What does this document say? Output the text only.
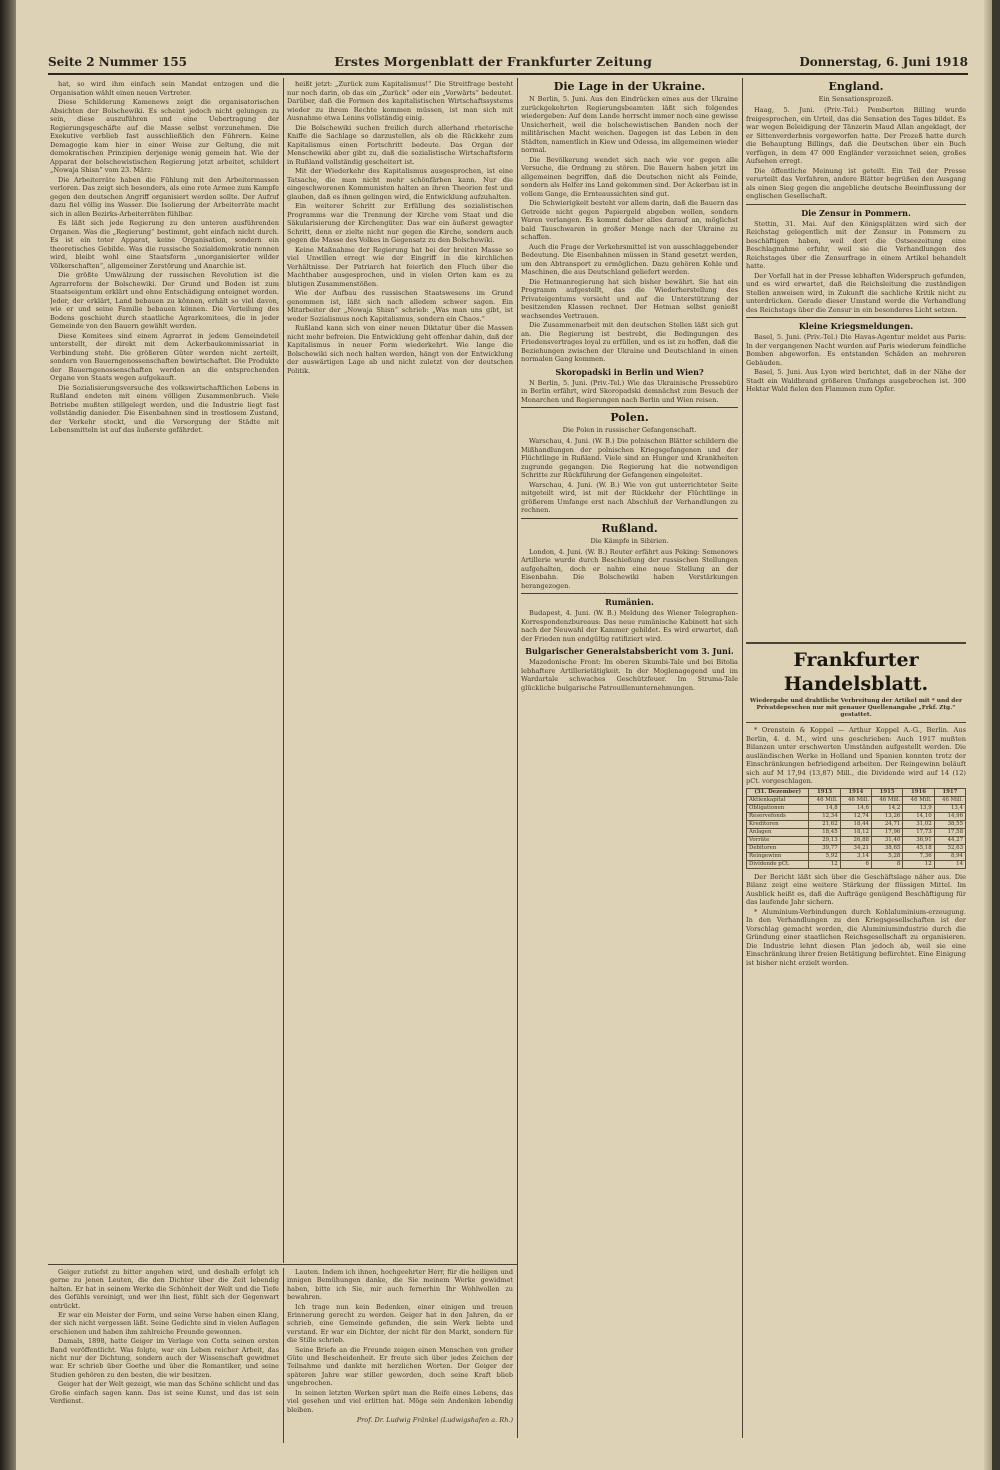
Seite 2 Nummer 155	Erstes Morgenblatt der Frankfurter Zeitung	Donnerstag, 6. Juni 1918

hat, so wird ihm einfach sein Mandat entzogen und die Organisation wählt einen neuen Vertreter.

Diese Schilderung Kamenews zeigt die organisatorischen Absichten der Bolschewiki. Es scheint jedoch nicht gelungen zu sein, diese auszuführen und eine Uebertragung der Regierungsgeschäfte auf die Masse selbst vorzunehmen. Die Exekutive verblieb fast ausschließlich den Führern. Keine Demagogie kam hier in einer Weise zur Geltung, die mit demokratischen Prinzipien derjenige wenig gemein hat. Wie der Apparat der bolschewistischen Regierung jetzt arbeitet, schildert „Nowaja Shisn“ vom 23. März:

Die Arbeiterräte haben die Fühlung mit den Arbeitermassen verloren. Das zeigt sich besonders, als eine rote Armee zum Kampfe gegen den deutschen Angriff organisiert werden sollte. Der Aufruf dazu fiel völlig ins Wasser. Die Isolierung der Arbeiterräte macht sich in allen Bezirks-Arbeiterräten fühlbar.

Es läßt sich jede Regierung zu den unteren ausführenden Organen. Was die „Regierung“ bestimmt, geht einfach nicht durch. Es ist ein toter Apparat, keine Organisation, sondern ein theoretisches Gebilde. Was die russische Sozialdemokratie nennen wird, bleibt wohl eine Staatsform „unorganisierter wilder Völkerschaften“, allgemeiner Zerstörung und Anarchie ist.

Die größte Umwälzung der russischen Revolution ist die Agrarreform der Bolschewiki. Der Grund und Boden ist zum Staatseigentum erklärt und ohne Entschädigung enteignet worden. Jeder, der erklärt, Land bebauen zu können, erhält so viel davon, wie er und seine Familie bebauen können. Die Verteilung des Bodens geschieht durch staatliche Agrarkomitees, die in jeder Gemeinde von den Bauern gewählt werden.

Diese Komitees sind einem Agrarrat in jedem Gemeindeteil unterstellt, der direkt mit dem Ackerbaukommissariat in Verbindung steht. Die größeren Güter werden nicht zerteilt, sondern von Bauerngenossenschaften bewirtschaftet. Die Produkte der Bauerngenossenschaften werden an die entsprechenden Organe von Staats wegen aufgekauft.

Die Sozialisierungsversuche des volkswirtschaftlichen Lebens in Rußland endeten mit einem völligen Zusammenbruch. Viele Betriebe mußten stillgelegt werden, und die Industrie liegt fast vollständig danieder. Die Eisenbahnen sind in trostlosem Zustand, der Verkehr stockt, und die Versorgung der Städte mit Lebensmitteln ist auf das äußerste gefährdet.

heißt jetzt: „Zurück zum Kapitalismus!“ Die Streitfrage besteht nur noch darin, ob das ein „Zurück“ oder ein „Vorwärts“ bedeutet. Darüber, daß die Formen des kapitalistischen Wirtschaftssystems wieder zu ihrem Rechte kommen müssen, ist man sich mit Ausnahme etwa Lenins vollständig einig.

Die Bolschewiki suchen freilich durch allerhand rhetorische Kniffe die Sachlage so darzustellen, als ob die Rückkehr zum Kapitalismus einen Fortschritt bedeute. Das Organ der Menschewiki aber gibt zu, daß die sozialistische Wirtschaftsform in Rußland vollständig gescheitert ist.

Mit der Wiederkehr des Kapitalismus ausgesprochen, ist eine Tatsache, die man nicht mehr schönfärben kann. Nur die eingeschworenen Kommunisten halten an ihren Theorien fest und glauben, daß es ihnen gelingen wird, die Entwicklung aufzuhalten.

Ein weiterer Schritt zur Erfüllung des sozialistischen Programms war die Trennung der Kirche vom Staat und die Säkularisierung der Kirchengüter. Das war ein äußerst gewagter Schritt, denn er zielte nicht nur gegen die Kirche, sondern auch gegen die Masse des Volkes in Gegensatz zu den Bolschewiki.

Keine Maßnahme der Regierung hat bei der breiten Masse so viel Unwillen erregt wie der Eingriff in die kirchlichen Verhältnisse. Der Patriarch hat feierlich den Fluch über die Machthaber ausgesprochen, und in vielen Orten kam es zu blutigen Zusammenstößen.

Wie der Aufbau des russischen Staatswesens im Grund genommen ist, läßt sich nach alledem schwer sagen. Ein Mitarbeiter der „Nowaja Shisn“ schrieb: „Was man uns gibt, ist weder Sozialismus noch Kapitalismus, sondern ein Chaos.“

Rußland kann sich von einer neuen Diktatur über die Massen nicht mehr befreien. Die Entwicklung geht offenbar dahin, daß der Kapitalismus in neuer Form wiederkehrt. Wie lange die Bolschewiki sich noch halten werden, hängt von der Entwicklung der auswärtigen Lage ab und nicht zuletzt von der deutschen Politik.

Die Lage in der Ukraine.

N Berlin, 5. Juni. Aus den Eindrücken eines aus der Ukraine zurückgekehrten Regierungsbeamten läßt sich folgendes wiedergeben: Auf dem Lande herrscht immer noch eine gewisse Unsicherheit, weil die bolschewistischen Banden noch der militärischen Macht weichen. Dagegen ist das Leben in den Städten, namentlich in Kiew und Odessa, im allgemeinen wieder normal.

Die Bevölkerung wendet sich nach wie vor gegen alle Versuche, die Ordnung zu stören. Die Bauern haben jetzt im allgemeinen begriffen, daß die Deutschen nicht als Feinde, sondern als Helfer ins Land gekommen sind. Der Ackerbau ist in vollem Gange, die Ernteaussichten sind gut.

Die Schwierigkeit besteht vor allem darin, daß die Bauern das Getreide nicht gegen Papiergeld abgeben wollen, sondern Waren verlangen. Es kommt daher alles darauf an, möglichst bald Tauschwaren in großer Menge nach der Ukraine zu schaffen.

Auch die Frage der Verkehrsmittel ist von ausschlaggebender Bedeutung. Die Eisenbahnen müssen in Stand gesetzt werden, um den Abtransport zu ermöglichen. Dazu gehören Kohle und Maschinen, die aus Deutschland geliefert werden.

Die Hetmanregierung hat sich bisher bewährt. Sie hat ein Programm aufgestellt, das die Wiederherstellung des Privateigentums vorsieht und auf die Unterstützung der besitzenden Klassen rechnet. Der Hetman selbst genießt wachsendes Vertrauen.

Die Zusammenarbeit mit den deutschen Stellen läßt sich gut an. Die Regierung ist bestrebt, die Bedingungen des Friedensvertrages loyal zu erfüllen, und es ist zu hoffen, daß die Beziehungen zwischen der Ukraine und Deutschland in einen normalen Gang kommen.

Skoropadski in Berlin und Wien?

N Berlin, 5. Juni. (Priv.-Tel.) Wie das Ukrainische Pressebüro in Berlin erfährt, wird Skoropadski demnächst zum Besuch der Monarchen und Regierungen nach Berlin und Wien reisen.

Polen.
Die Polen in russischer Gefangenschaft.

Warschau, 4. Juni. (W. B.) Die polnischen Blätter schildern die Mißhandlungen der polnischen Kriegsgefangenen und der Flüchtlinge in Rußland. Viele sind an Hunger und Krankheiten zugrunde gegangen. Die Regierung hat die notwendigen Schritte zur Rückführung der Gefangenen eingeleitet.

Warschau, 4. Juni. (W. B.) Wie von gut unterrichteter Seite mitgeteilt wird, ist mit der Rückkehr der Flüchtlinge in größerem Umfange erst nach Abschluß der Verhandlungen zu rechnen.

Rußland.
Die Kämpfe in Sibirien.

London, 4. Juni. (W. B.) Reuter erfährt aus Peking: Semenows Artillerie wurde durch Beschießung der russischen Stellungen aufgehalten, doch er nahm eine neue Stellung an der Eisenbahn. Die Bolschewiki haben Verstärkungen herangezogen.

Rumänien.

Budapest, 4. Juni. (W. B.) Meldung des Wiener Telegraphen-Korrespondenzbureaus: Das neue rumänische Kabinett hat sich nach der Neuwahl der Kammer gebildet. Es wird erwartet, daß der Frieden nun endgültig ratifiziert wird.

Bulgarischer Generalstabsbericht vom 3. Juni.

Mazedonische Front: Im oberen Skumbi-Tale und bei Bitolia lebhaftere Artillerietätigkeit. In der Moglenagegend und im Wardartale schwaches Geschützfeuer. Im Struma-Tale glückliche bulgarische Patrouillenunternehmungen.

England.
Ein Sensationsprozeß.

Haag, 5. Juni. (Priv.-Tel.) Pemberton Billing wurde freigesprochen, ein Urteil, das die Sensation des Tages bildet. Es war wegen Beleidigung der Tänzerin Maud Allan angeklagt, der er Sittenverderbnis vorgeworfen hatte. Der Prozeß hatte durch die Behauptung Billings, daß die Deutschen über ein Buch verfügen, in dem 47 000 Engländer verzeichnet seien, großes Aufsehen erregt.

Die öffentliche Meinung ist geteilt. Ein Teil der Presse verurteilt das Verfahren, andere Blätter begrüßen den Ausgang als einen Sieg gegen die angebliche deutsche Beeinflussung der englischen Gesellschaft.

Die Zensur in Pommern.

Stettin, 31. Mai. Auf den Königsplätzen wird sich der Reichstag gelegentlich mit der Zensur in Pommern zu beschäftigen haben, weil dort die Ostseezeitung eine Beschlagnahme erfuhr, weil sie die Verhandlungen des Reichstages über die Zensurfrage in einem Artikel behandelt hatte.

Der Vorfall hat in der Presse lebhaften Widerspruch gefunden, und es wird erwartet, daß die Reichsleitung die zuständigen Stellen anweisen wird, in Zukunft die sachliche Kritik nicht zu unterdrücken. Gerade dieser Umstand werde die Verhandlung des Reichstags über die Zensur in ein besonderes Licht setzen.

Kleine Kriegsmeldungen.

Basel, 5. Juni. (Priv.-Tel.) Die Havas-Agentur meldet aus Paris: In der vergangenen Nacht wurden auf Paris wiederum feindliche Bomben abgeworfen. Es entstanden Schäden an mehreren Gebäuden.

Basel, 5. Juni. Aus Lyon wird berichtet, daß in der Nähe der Stadt ein Waldbrand größeren Umfangs ausgebrochen ist. 300 Hektar Wald fielen den Flammen zum Opfer.

Frankfurter Handelsblatt.
Wiedergabe und drahtliche Verbreitung der Artikel mit * und der Privatdepeschen nur mit genauer Quellenangabe „Frkf. Ztg.“ gestattet.

* Orenstein & Koppel — Arthur Koppel A.-G., Berlin. Aus Berlin, 4. d. M., wird uns geschrieben: Auch 1917 mußten Bilanzen unter erschwerten Umständen aufgestellt werden. Die ausländischen Werke in Holland und Spanien konnten trotz der Einschränkungen befriedigend arbeiten. Der Reingewinn beläuft sich auf M 17,94 (13,87) Mill., die Dividende wird auf 14 (12) pCt. vorgeschlagen.

(31. Dezember)	1913	1914	1915	1916	1917
Aktienkapital	46 Mill.	46 Mill.	46 Mill.	46 Mill.	46 Mill.
Obligationen	14,8	14,6	14,2	13,9	13,4
Reservefonds	12,34	12,74	13,26	14,10	14,96
Kreditoren	21,62	18,44	24,71	31,02	38,55
Anlagen	18,45	18,12	17,96	17,73	17,58
Vorräte	29,13	26,88	31,40	36,91	44,27
Debitoren	39,77	34,21	38,65	45,18	52,63
Reingewinn	5,92	3,14	5,28	7,36	8,94
Dividende pCt.	12	6	8	12	14

Der Bericht läßt sich über die Geschäftslage näher aus. Die Bilanz zeigt eine weitere Stärkung der flüssigen Mittel. Im Ausblick heißt es, daß die Aufträge genügend Beschäftigung für das laufende Jahr sichern.

* Aluminium-Verbindungen durch Kohlaluminium-erzeugung. In den Verhandlungen zu den Kriegsgesellschaften ist der Vorschlag gemacht worden, die Aluminiumindustrie durch die Gründung einer staatlichen Reichsgesellschaft zu organisieren. Die Industrie lehnt diesen Plan jedoch ab, weil sie eine Einschränkung ihrer freien Betätigung befürchtet. Eine Einigung ist bisher nicht erzielt worden.

Geiger zutiefst zu bitter angehen wird, und deshalb erfolgt ich gerne zu jenen Leuten, die den Dichter über die Zeit lebendig halten. Er hat in seinem Werke die Schönheit der Welt und die Tiefe des Gefühls vereinigt, und wer ihn liest, fühlt sich der Gegenwart entrückt.

Er war ein Meister der Form, und seine Verse haben einen Klang, der sich nicht vergessen läßt. Seine Gedichte sind in vielen Auflagen erschienen und haben ihm zahlreiche Freunde gewonnen.

Damals, 1898, hatte Geiger im Verlage von Cotta seinen ersten Band veröffentlicht. Was folgte, war ein Leben reicher Arbeit, das nicht nur der Dichtung, sondern auch der Wissenschaft gewidmet war. Er schrieb über Goethe und über die Romantiker, und seine Studien gehören zu den besten, die wir besitzen.

Geiger hat der Welt gezeigt, wie man das Schöne schlicht und das Große einfach sagen kann. Das ist seine Kunst, und das ist sein Verdienst.

Lauten. Indem ich ihnen, hochgeehrter Herr, für die heiligen und innigen Bemühungen danke, die Sie meinem Werke gewidmet haben, bitte ich Sie, mir auch fernerhin Ihr Wohlwollen zu bewahren.

Ich trage nun kein Bedenken, einer einigen und treuen Erinnerung gerecht zu werden. Geiger hat in den Jahren, da er schrieb, eine Gemeinde gefunden, die sein Werk liebte und verstand. Er war ein Dichter, der nicht für den Markt, sondern für die Stille schrieb.

Seine Briefe an die Freunde zeigen einen Menschen von großer Güte und Bescheidenheit. Er freute sich über jedes Zeichen der Teilnahme und dankte mit herzlichen Worten. Der Geiger der späteren Jahre war stiller geworden, doch seine Kraft blieb ungebrochen.

In seinen letzten Werken spürt man die Reife eines Lebens, das viel gesehen und viel erlitten hat. Möge sein Andenken lebendig bleiben.

Prof. Dr. Ludwig Fränkel (Ludwigshafen a. Rh.)
